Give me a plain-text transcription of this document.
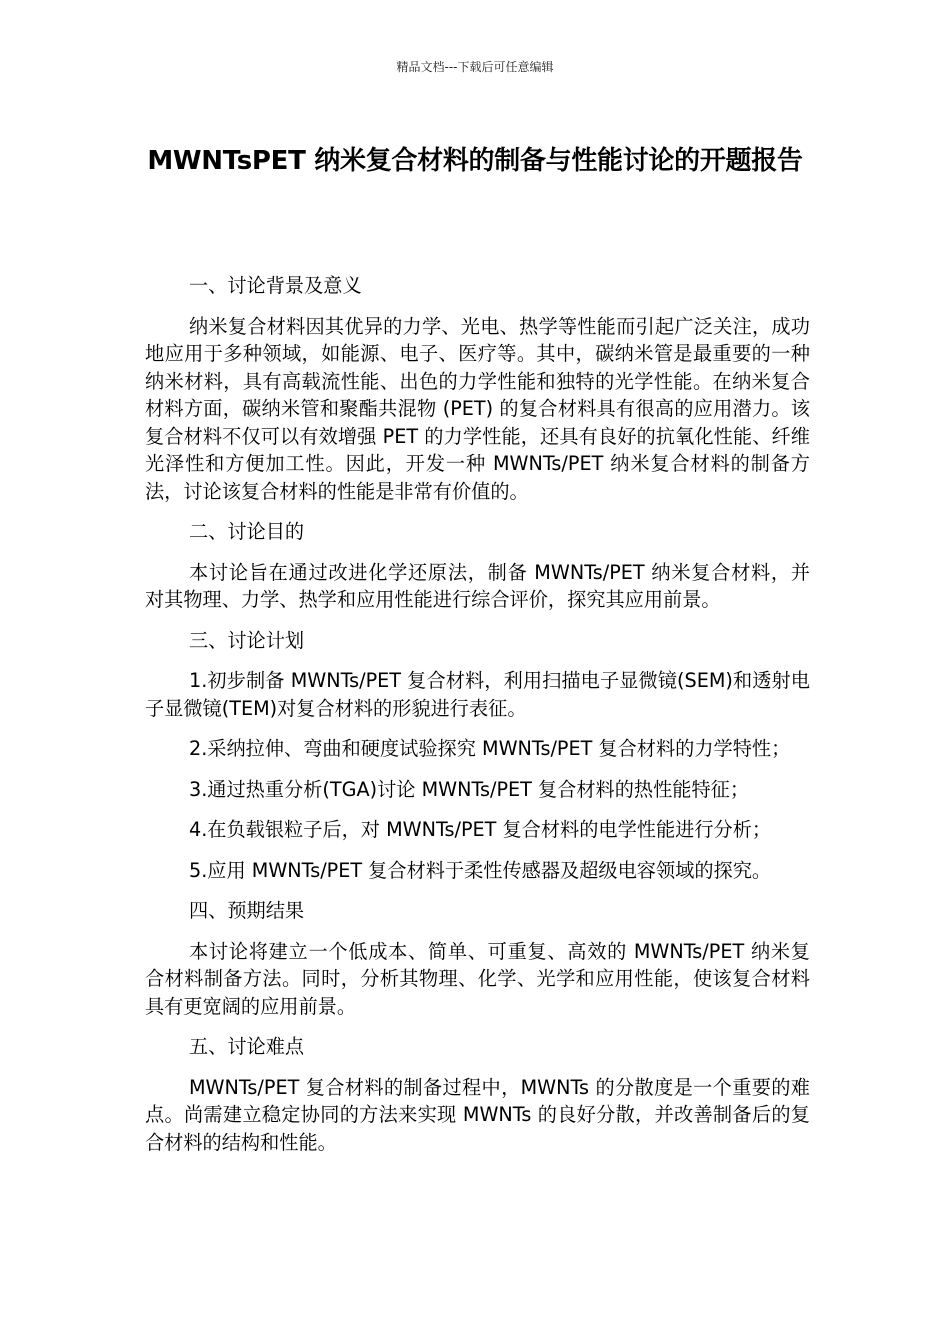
精品文档---下载后可任意编辑
MWNTsPET 纳米复合材料的制备与性能讨论的开题报告

一、讨论背景及意义

纳米复合材料因其优异的力学、光电、热学等性能而引起广泛关注，成功地应用于多种领域，如能源、电子、医疗等。其中，碳纳米管是最重要的一种纳米材料，具有高载流性能、出色的力学性能和独特的光学性能。在纳米复合材料方面，碳纳米管和聚酯共混物 (PET) 的复合材料具有很高的应用潜力。该复合材料不仅可以有效增强 PET 的力学性能，还具有良好的抗氧化性能、纤维光泽性和方便加工性。因此，开发一种 MWNTs/PET 纳米复合材料的制备方法，讨论该复合材料的性能是非常有价值的。

二、讨论目的

本讨论旨在通过改进化学还原法，制备 MWNTs/PET 纳米复合材料，并对其物理、力学、热学和应用性能进行综合评价，探究其应用前景。

三、讨论计划

1.初步制备 MWNTs/PET 复合材料，利用扫描电子显微镜(SEM)和透射电子显微镜(TEM)对复合材料的形貌进行表征。

2.采纳拉伸、弯曲和硬度试验探究 MWNTs/PET 复合材料的力学特性；

3.通过热重分析(TGA)讨论 MWNTs/PET 复合材料的热性能特征；

4.在负载银粒子后，对 MWNTs/PET 复合材料的电学性能进行分析；

5.应用 MWNTs/PET 复合材料于柔性传感器及超级电容领域的探究。

四、预期结果

本讨论将建立一个低成本、简单、可重复、高效的 MWNTs/PET 纳米复合材料制备方法。同时，分析其物理、化学、光学和应用性能，使该复合材料具有更宽阔的应用前景。

五、讨论难点

MWNTs/PET 复合材料的制备过程中，MWNTs 的分散度是一个重要的难点。尚需建立稳定协同的方法来实现 MWNTs 的良好分散，并改善制备后的复合材料的结构和性能。
